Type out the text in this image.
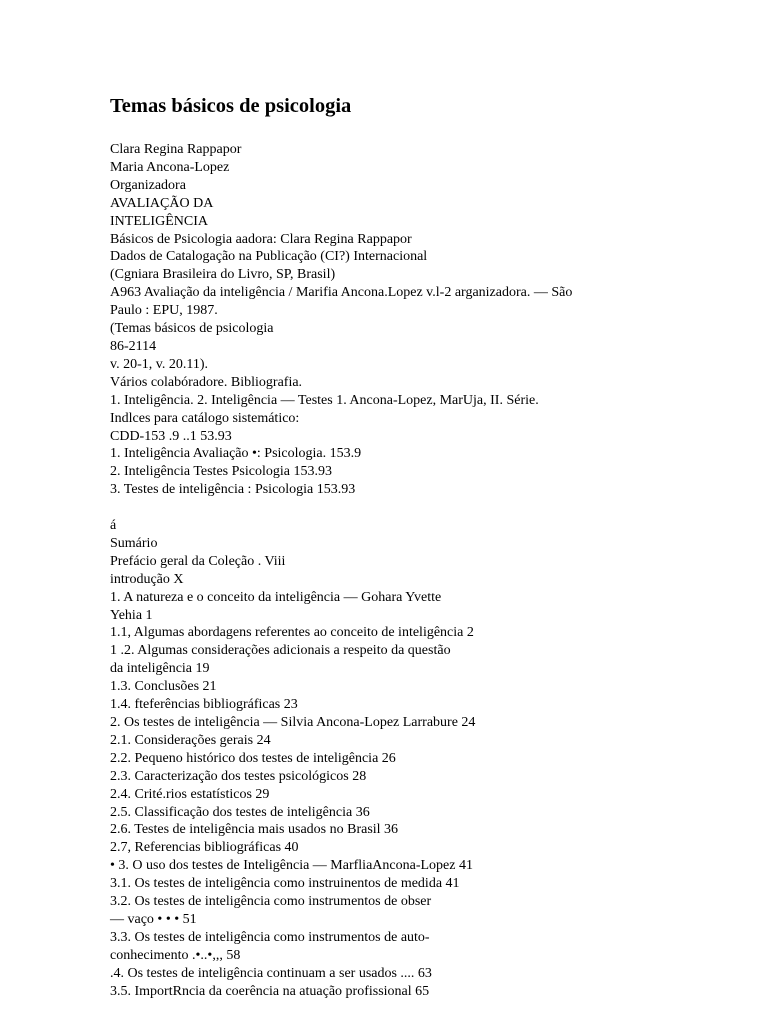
Temas básicos de psicologia
Clara Regina Rappapor
Maria Ancona-Lopez
Organizadora
AVALIAÇÃO DA
INTELIGÊNCIA
Básicos de Psicologia aadora: Clara Regina Rappapor
Dados de Catalogação na Publicação (CI?) Internacional
(Cgniara Brasileira do Livro, SP, Brasil)
A963 Avaliação da inteligência / Marifia Ancona.Lopez v.l-2 arganizadora. — São
Paulo : EPU, 1987.
(Temas básicos de psicologia
86-2114
v. 20-1, v. 20.11).
Vários colabóradore. Bibliografia.
1. Inteligência. 2. Inteligência — Testes 1. Ancona-Lopez, MarUja, II. Série.
Indlces para catálogo sistemático:
CDD-153 .9 ..1 53.93
1. Inteligência Avaliação •: Psicologia. 153.9
2. Inteligência Testes Psicologia 153.93
3. Testes de inteligência : Psicologia 153.93
á
Sumário
Prefácio geral da Coleção . Viii
introdução X
1. A natureza e o conceito da inteligência — Gohara Yvette
Yehia 1
1.1, Algumas abordagens referentes ao conceito de inteligência 2
1 .2. Algumas considerações adicionais a respeito da questão
da inteligência 19
1.3. Conclusões 21
1.4. fteferências bibliográficas 23
2. Os testes de inteligência — Silvia Ancona-Lopez Larrabure 24
2.1. Considerações gerais 24
2.2. Pequeno histórico dos testes de inteligência 26
2.3. Caracterização dos testes psicológicos 28
2.4. Crité.rios estatísticos 29
2.5. Classificação dos testes de inteligência 36
2.6. Testes de inteligência mais usados no Brasil 36
2.7, Referencias bibliográficas 40
• 3. O uso dos testes de Inteligência — MarfliaAncona-Lopez 41
3.1. Os testes de inteligência como instruinentos de medida 41
3.2. Os testes de inteligência como instrumentos de obser
— vaço • • • 51
3.3. Os testes de inteligência como instrumentos de auto-
conhecimento .•..•,,, 58
.4. Os testes de inteligência continuam a ser usados .... 63
3.5. ImportRncia da coerência na atuação profissional 65
